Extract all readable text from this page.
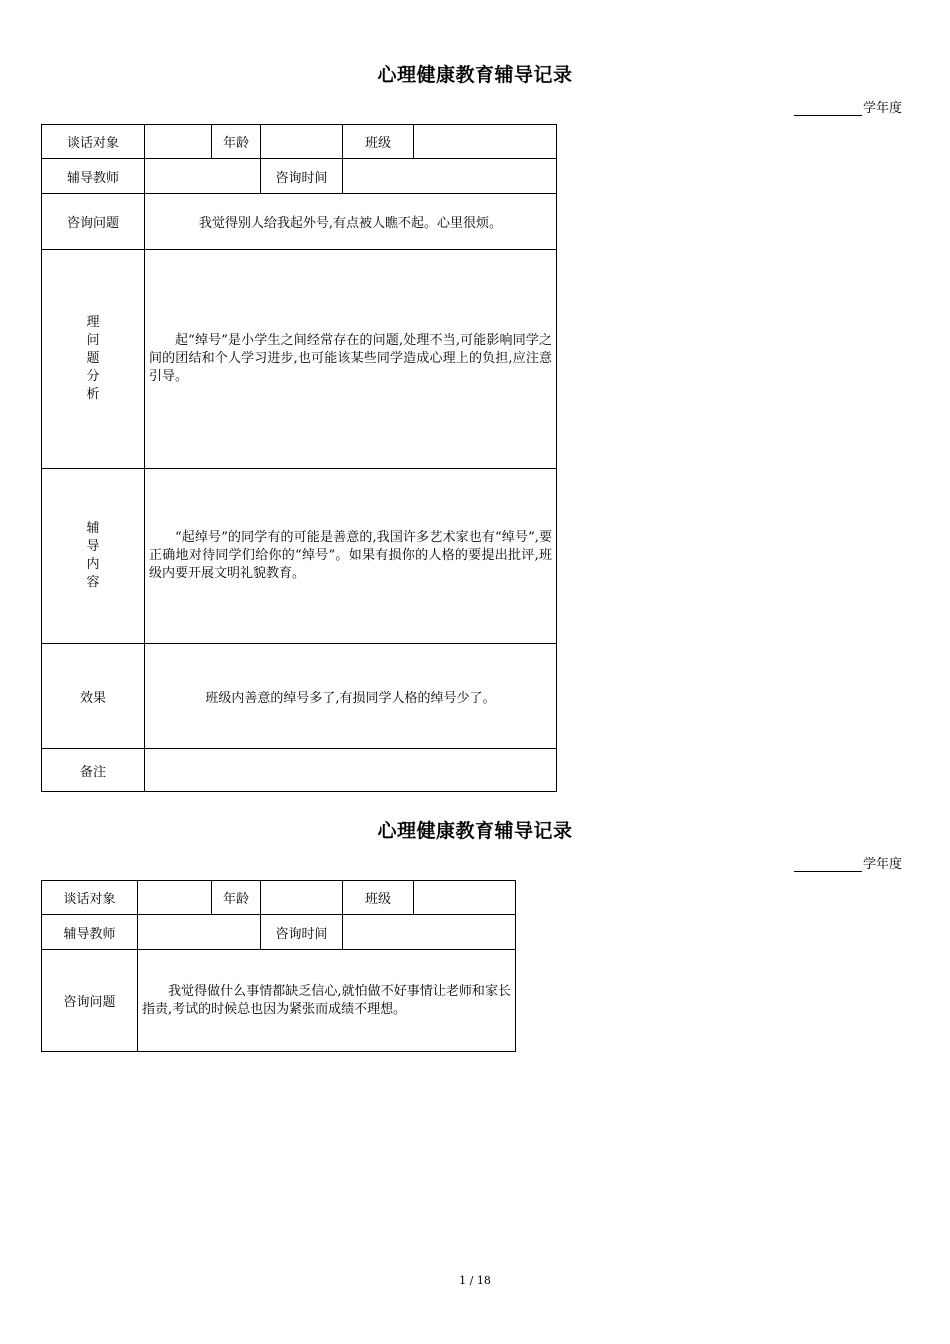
心理健康教育辅导记录
学年度
谈话对象		年龄		班级	
辅导教师			咨询时间		
咨询问题	我觉得别人给我起外号,有点被人瞧不起。心里很烦。				

理
问
题
分
析	起“绰号”是小学生之间经常存在的问题,处理不当,可能影响同学之间的团结和个人学习进步,也可能该某些同学造成心理上的负担,应注意引导。				

辅
导
内
容	“起绰号”的同学有的可能是善意的,我国许多艺术家也有“绰号”,要正确地对待同学们给你的“绰号”。如果有损你的人格的要提出批评,班级内要开展文明礼貌教育。				
效果	班级内善意的绰号多了,有损同学人格的绰号少了。				
备注					
心理健康教育辅导记录
学年度
谈话对象		年龄		班级	
辅导教师			咨询时间		
咨询问题	我觉得做什么事情都缺乏信心,就怕做不好事情让老师和家长指责,考试的时候总也因为紧张而成绩不理想。				
1 / 18
